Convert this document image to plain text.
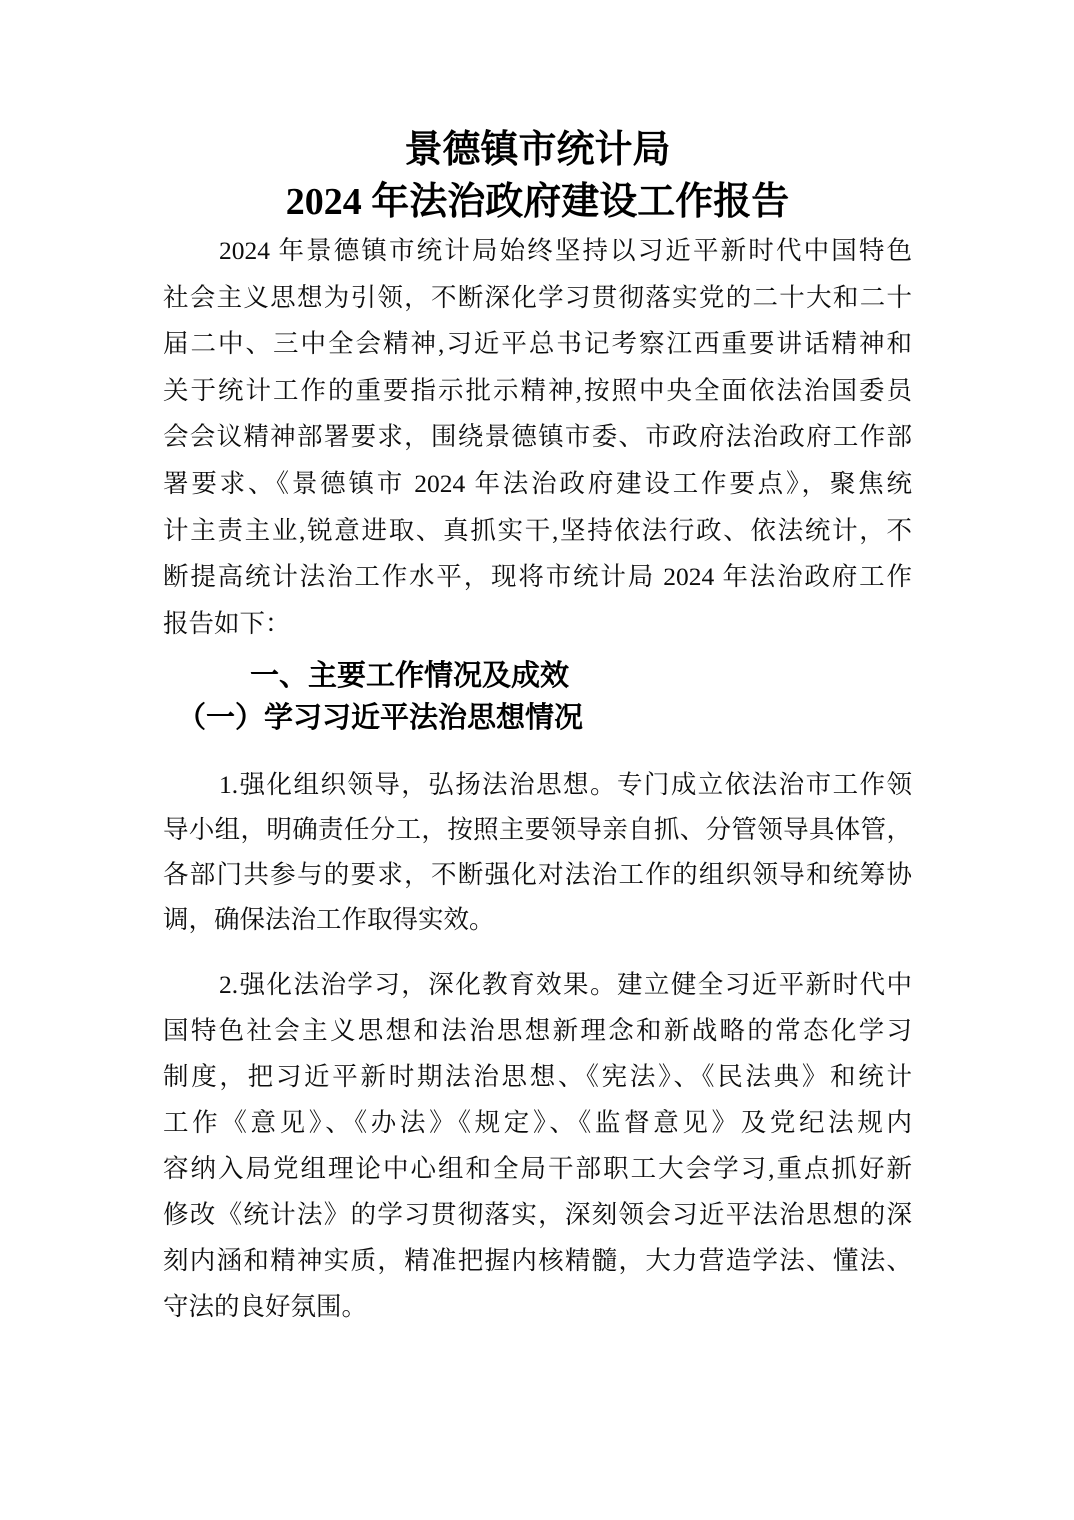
景德镇市统计局
2024 年法治政府建设工作报告
2024 年景德镇市统计局始终坚持以习近平新时代中国特色
社会主义思想为引领，不断深化学习贯彻落实党的二十大和二十
届二中、三中全会精神,习近平总书记考察江西重要讲话精神和
关于统计工作的重要指示批示精神,按照中央全面依法治国委员
会会议精神部署要求，围绕景德镇市委、市政府法治政府工作部
署要求、《景德镇市 2024 年法治政府建设工作要点》，聚焦统
计主责主业,锐意进取、真抓实干,坚持依法行政、依法统计，不
断提高统计法治工作水平，现将市统计局 2024 年法治政府工作
报告如下：
一、主要工作情况及成效
（一）学习习近平法治思想情况
1.强化组织领导，弘扬法治思想。专门成立依法治市工作领
导小组，明确责任分工，按照主要领导亲自抓、分管领导具体管，
各部门共参与的要求，不断强化对法治工作的组织领导和统筹协
调，确保法治工作取得实效。
2.强化法治学习，深化教育效果。建立健全习近平新时代中
国特色社会主义思想和法治思想新理念和新战略的常态化学习
制度，把习近平新时期法治思想、《宪法》、《民法典》和统计
工作《意见》、《办法》《规定》、《监督意见》及党纪法规内
容纳入局党组理论中心组和全局干部职工大会学习,重点抓好新
修改《统计法》的学习贯彻落实，深刻领会习近平法治思想的深
刻内涵和精神实质，精准把握内核精髓，大力营造学法、懂法、
守法的良好氛围。
